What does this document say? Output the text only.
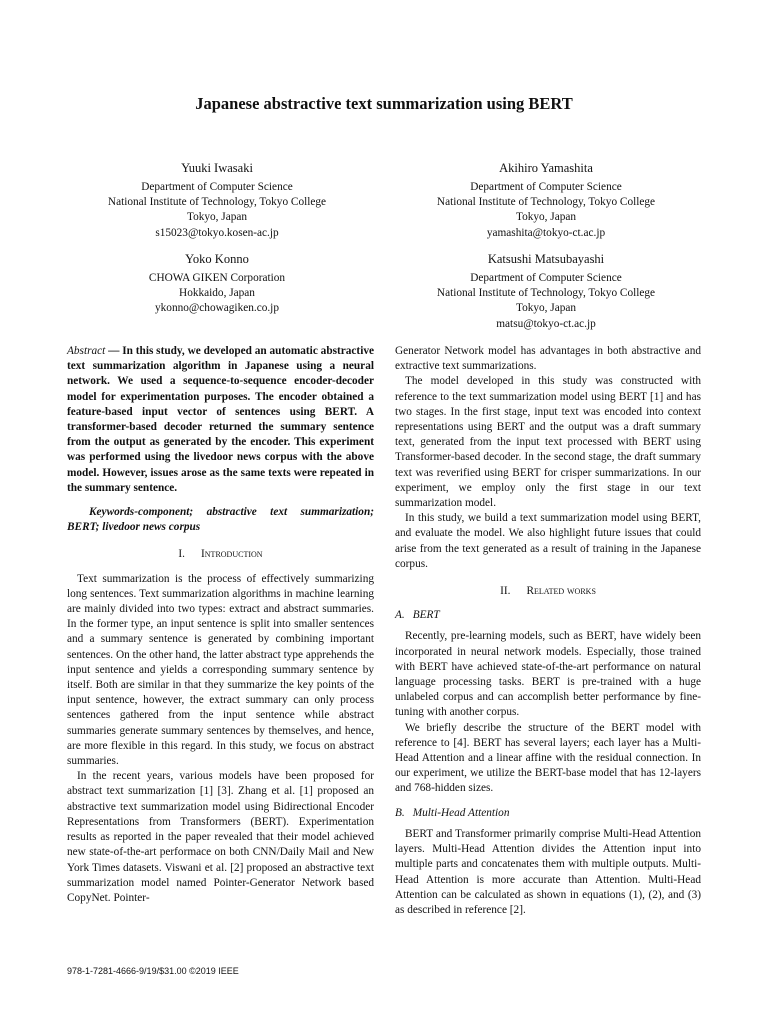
Japanese abstractive text summarization using BERT
Yuuki Iwasaki
Department of Computer Science
National Institute of Technology, Tokyo College
Tokyo, Japan
s15023@tokyo.kosen-ac.jp
Akihiro Yamashita
Department of Computer Science
National Institute of Technology, Tokyo College
Tokyo, Japan
yamashita@tokyo-ct.ac.jp
Yoko Konno
CHOWA GIKEN Corporation
Hokkaido, Japan
ykonno@chowagiken.co.jp
Katsushi Matsubayashi
Department of Computer Science
National Institute of Technology, Tokyo College
Tokyo, Japan
matsu@tokyo-ct.ac.jp

Abstract — In this study, we developed an automatic abstractive text summarization algorithm in Japanese using a neural network. We used a sequence-to-sequence encoder-decoder model for experimentation purposes. The encoder obtained a feature-based input vector of sentences using BERT. A transformer-based decoder returned the summary sentence from the output as generated by the encoder. This experiment was performed using the livedoor news corpus with the above model. However, issues arose as the same texts were repeated in the summary sentence.

Keywords-component; abstractive text summarization; BERT; livedoor news corpus

I. Introduction

Text summarization is the process of effectively summarizing long sentences. Text summarization algorithms in machine learning are mainly divided into two types: extract and abstract summaries. In the former type, an input sentence is split into smaller sentences and a summary sentence is generated by combining important sentences. On the other hand, the latter abstract type apprehends the input sentence and yields a corresponding summary sentence by itself. Both are similar in that they summarize the key points of the input sentence, however, the extract summary can only process sentences gathered from the input sentence while abstract summaries generate summary sentences by themselves, and hence, are more flexible in this regard. In this study, we focus on abstract summaries.

In the recent years, various models have been proposed for abstract text summarization [1] [3]. Zhang et al. [1] proposed an abstractive text summarization model using Bidirectional Encoder Representations from Transformers (BERT). Experimentation results as reported in the paper revealed that their model achieved new state-of-the-art performace on both CNN/Daily Mail and New York Times datasets. Viswani et al. [2] proposed an abstractive text summarization model named Pointer-Generator Network based CopyNet. Pointer-

Generator Network model has advantages in both abstractive and extractive text summarizations.

The model developed in this study was constructed with reference to the text summarization model using BERT [1] and has two stages. In the first stage, input text was encoded into context representations using BERT and the output was a draft summary text, generated from the input text processed with BERT using Transformer-based decoder. In the second stage, the draft summary text was reverified using BERT for crisper summarizations. In our experiment, we employ only the first stage in our text summarization model.

In this study, we build a text summarization model using BERT, and evaluate the model. We also highlight future issues that could arise from the text generated as a result of training in the Japanese corpus.

II. Related works
A. BERT

Recently, pre-learning models, such as BERT, have widely been incorporated in neural network models. Especially, those trained with BERT have achieved state-of-the-art performance on natural language processing tasks. BERT is pre-trained with a huge unlabeled corpus and can accomplish better performance by fine-tuning with another corpus.

We briefly describe the structure of the BERT model with reference to [4]. BERT has several layers; each layer has a Multi-Head Attention and a linear affine with the residual connection. In our experiment, we utilize the BERT-base model that has 12-layers and 768-hidden sizes.

B. Multi-Head Attention

BERT and Transformer primarily comprise Multi-Head Attention layers. Multi-Head Attention divides the Attention input into multiple parts and concatenates them with multiple outputs. Multi-Head Attention is more accurate than Attention. Multi-Head Attention can be calculated as shown in equations (1), (2), and (3) as described in reference [2].

978-1-7281-4666-9/19/$31.00 ©2019 IEEE
